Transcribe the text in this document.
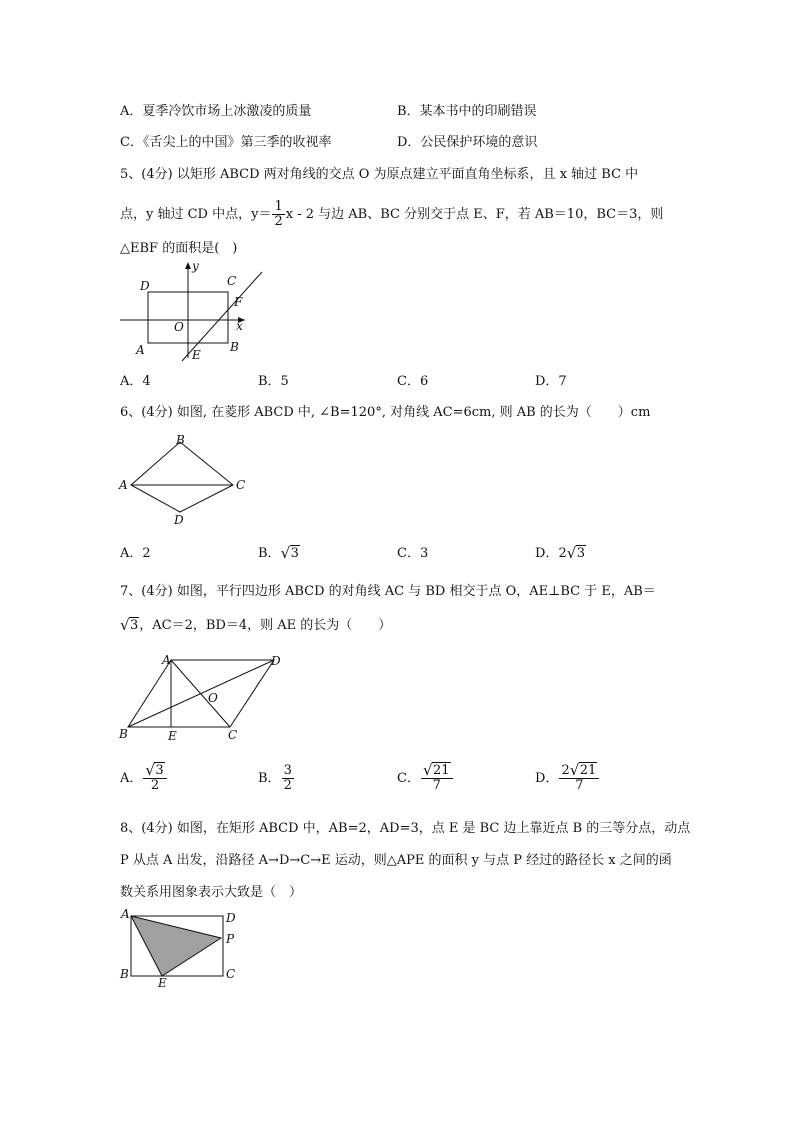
A．夏季冷饮市场上冰激凌的质量	B．某本书中的印刷错误
C．《舌尖上的中国》第三季的收视率	D．公民保护环境的意识
5、(4分) 以矩形 ABCD 两对角线的交点 O 为原点建立平面直角坐标系，且 x 轴过 BC 中
点，y 轴过 CD 中点，$y= \frac{1}{2}$ x - 2 与边 AB、BC 分别交于点 E、F，若 AB＝10，BC＝3，则
△EBF 的面积是(　)
D	C
y
F
O	x
A	E
B
A．4	B．5	C．6	D．7
6、(4分) 如图, 在菱形 ABCD 中, ∠B=120°, 对角线 AC=6cm, 则 AB 的长为（　　）cm
A
B
C
D
A．2	B． √ 3	C．3	D．2 √ 3
7、(4分) 如图，平行四边形 ABCD 的对角线 AC 与 BD 相交于点 O，AE⊥BC 于 E，AB＝
√ 3，AC＝2，BD＝4，则 AE 的长为（　　）
A	D
O
B	E	C
A． √ $\frac{3}{2}$	B． $\frac{3}{2}$	C． √ $\frac{21}{7}$	D． $\frac{2 √ 21}{7}$
8、(4分) 如图，在矩形 ABCD 中，AB=2，AD=3，点 E 是 BC 边上靠近点 B 的三等分点，动点
P 从点 A 出发，沿路径 A→D→C→E 运动，则△APE 的面积 y 与点 P 经过的路径长 x 之间的函
数关系用图象表示大致是（　）
A	D
P
B
E
C
